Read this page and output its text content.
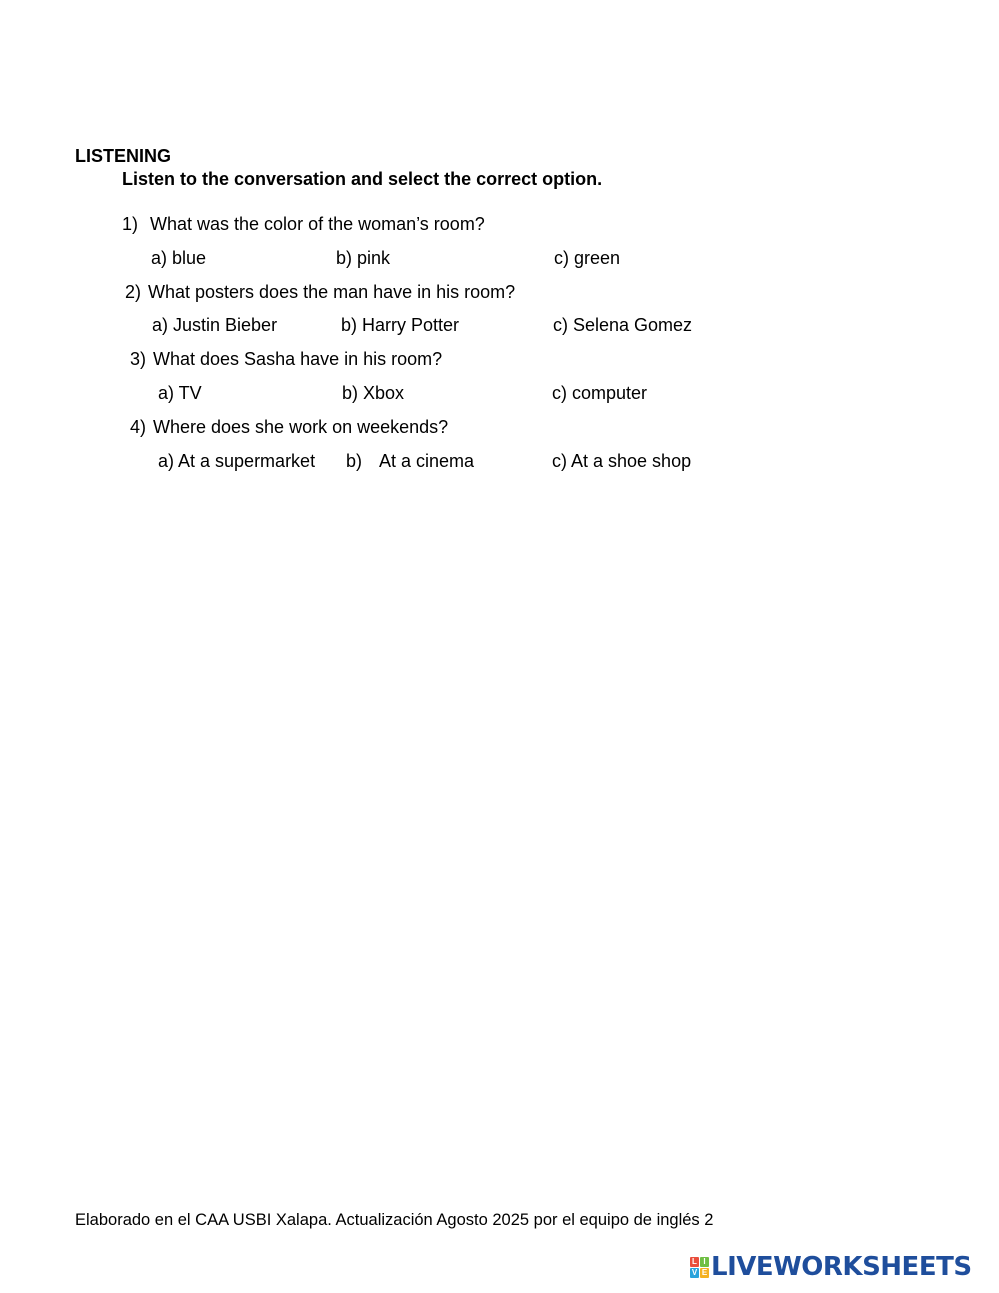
LISTENING
Listen to the conversation and select the correct option.
1) What was the color of the woman’s room?
a) blue	b) pink	c) green
2) What posters does the man have in his room?
a) Justin Bieber	b) Harry Potter	c) Selena Gomez
3) What does Sasha have in his room?
a) TV	b) Xbox	c) computer
4) Where does she work on weekends?
a) At a supermarket b) At a cinema	c) At a shoe shop
Elaborado en el CAA USBI Xalapa. Actualización Agosto 2025 por el equipo de inglés 2
L I
V E LIVEWORKSHEETS
